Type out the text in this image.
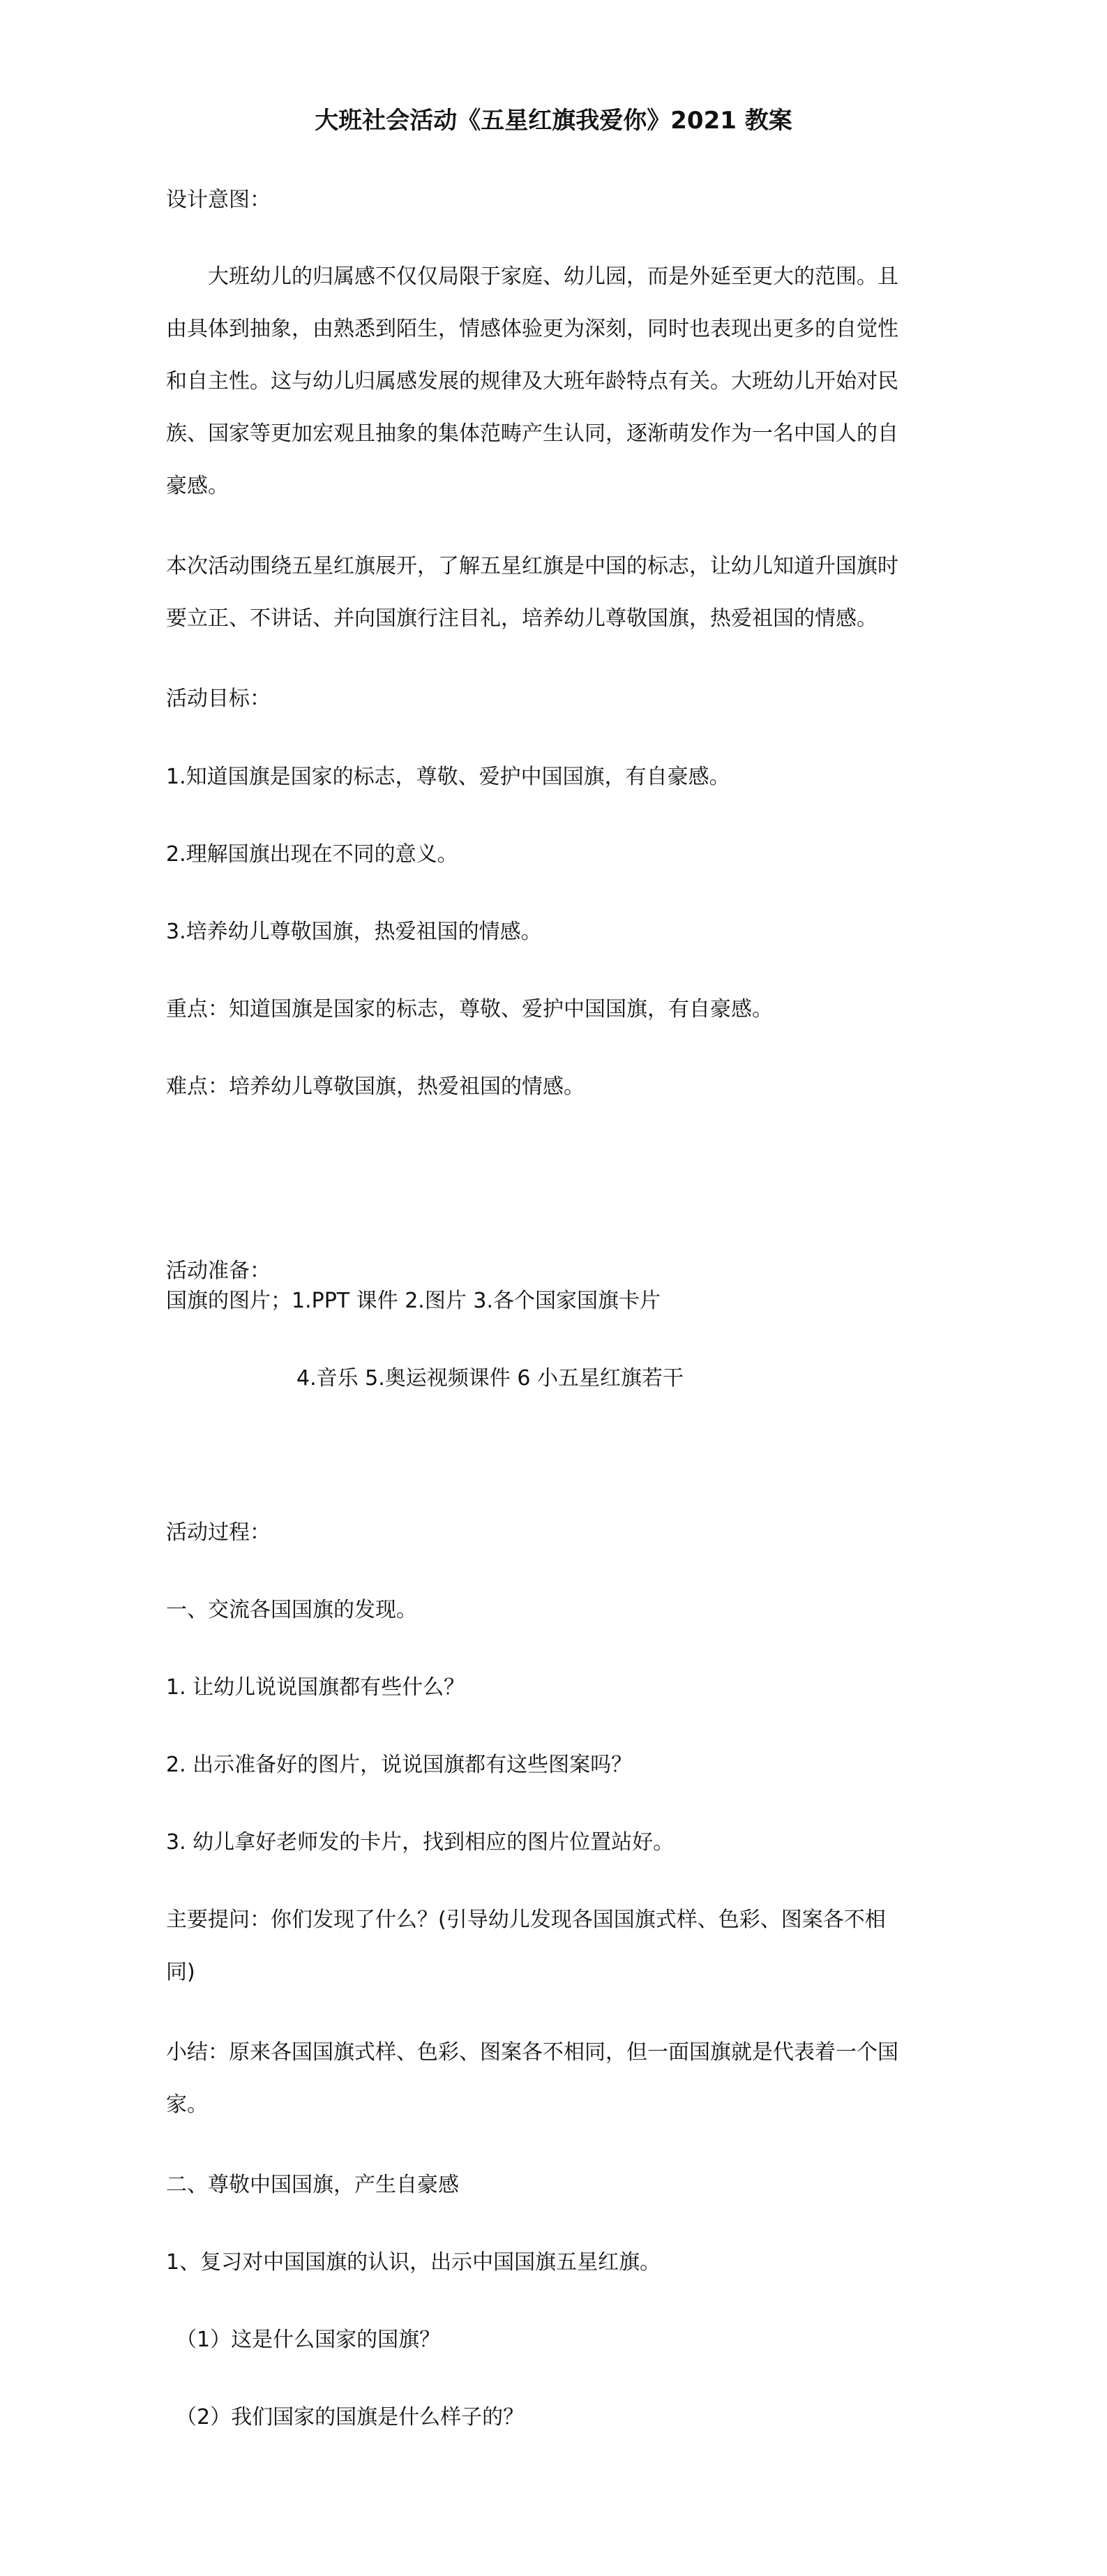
大班社会活动《五星红旗我爱你》2021 教案
设计意图：
大班幼儿的归属感不仅仅局限于家庭、幼儿园，而是外延至更大的范围。且
由具体到抽象，由熟悉到陌生，情感体验更为深刻，同时也表现出更多的自觉性
和自主性。这与幼儿归属感发展的规律及大班年龄特点有关。大班幼儿开始对民
族、国家等更加宏观且抽象的集体范畴产生认同，逐渐萌发作为一名中国人的自
豪感。
本次活动围绕五星红旗展开，了解五星红旗是中国的标志，让幼儿知道升国旗时
要立正、不讲话、并向国旗行注目礼，培养幼儿尊敬国旗，热爱祖国的情感。
活动目标：
1.知道国旗是国家的标志，尊敬、爱护中国国旗，有自豪感。
2.理解国旗出现在不同的意义。
3.培养幼儿尊敬国旗，热爱祖国的情感。
重点：知道国旗是国家的标志，尊敬、爱护中国国旗，有自豪感。
难点：培养幼儿尊敬国旗，热爱祖国的情感。
活动准备：
国旗的图片；1.PPT 课件 2.图片 3.各个国家国旗卡片
4.音乐 5.奥运视频课件 6 小五星红旗若干
活动过程：
一、交流各国国旗的发现。
1. 让幼儿说说国旗都有些什么？
2. 出示准备好的图片，说说国旗都有这些图案吗？
3. 幼儿拿好老师发的卡片，找到相应的图片位置站好。
主要提问：你们发现了什么？(引导幼儿发现各国国旗式样、色彩、图案各不相
同)
小结：原来各国国旗式样、色彩、图案各不相同，但一面国旗就是代表着一个国
家。
二、尊敬中国国旗，产生自豪感
1、复习对中国国旗的认识，出示中国国旗五星红旗。
（1）这是什么国家的国旗？
（2）我们国家的国旗是什么样子的？
